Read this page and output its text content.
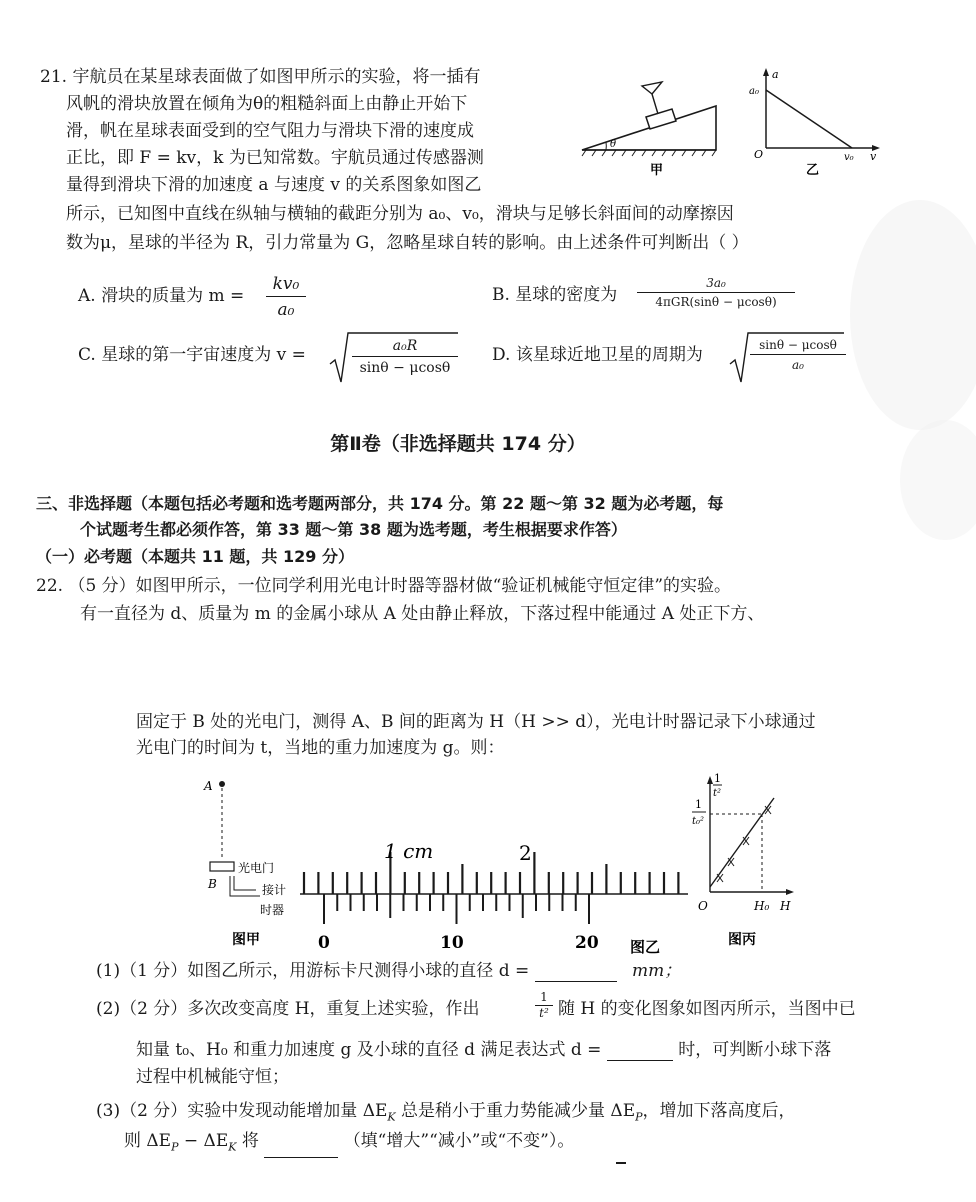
21. 宇航员在某星球表面做了如图甲所示的实验，将一插有
风帆的滑块放置在倾角为θ的粗糙斜面上由静止开始下
滑，帆在星球表面受到的空气阻力与滑块下滑的速度成
正比，即 F = kv，k 为已知常数。宇航员通过传感器测
量得到滑块下滑的加速度 a 与速度 v 的关系图象如图乙
所示，已知图中直线在纵轴与横轴的截距分别为 a₀、v₀，滑块与足够长斜面间的动摩擦因
数为μ，星球的半径为 R，引力常量为 G，忽略星球自转的影响。由上述条件可判断出（ ）
θ
甲
a
a₀
O	v₀ v
乙
A. 滑块的质量为 $m = \frac{\text{kv₀}}{\text{a₀}}$	B. 星球的密度为
3a₀
4πGR(sinθ − μcosθ)
C. 星球的第一宇宙速度为 v =	$\frac{\text{a₀R}}{\sin\theta - \mu\cos\theta} D$. 该星球近地卫星的周期为	$\frac{\sin\theta - \mu\cos\theta}{\text{a₀}}$
第Ⅱ卷（非选择题共 174 分）
三、非选择题（本题包括必考题和选考题两部分，共 174 分。第 22 题～第 32 题为必考题，每
个试题考生都必须作答，第 33 题～第 38 题为选考题，考生根据要求作答）
（一）必考题（本题共 11 题，共 129 分）
22. （5 分）如图甲所示，一位同学利用光电计时器等器材做“验证机械能守恒定律”的实验。
有一直径为 d、质量为 m 的金属小球从 A 处由静止释放，下落过程中能通过 A 处正下方、
固定于 B 处的光电门，测得 A、B 间的距离为 H（H >> d），光电计时器记录下小球通过
光电门的时间为 t，当地的重力加速度为 g。则：
A
B
光电门
接计
时器
图甲
1 cm	2
0	10	20 图乙
1
t²
1
t₀²
O	H₀ H
图丙
(1)（1 分）如图乙所示，用游标卡尺测得小球的直径 d =	mm；
(2)（2 分）多次改变高度 H，重复上述实验，作出	$\frac{1}{\text{t²}}$ 随 H 的变化图象如图丙所示，当图中已
知量 t₀、H₀ 和重力加速度 g 及小球的直径 d 满足表达式 d =	时，可判断小球下落
过程中机械能守恒；
(3)（2 分）实验中发现动能增加量 $\Delta E_K$ 总是稍小于重力势能减少量 $\Delta E_P$，增加下落高度后，
则 $\Delta E_P - \Delta E_K$ 将	（填“增大”“减小”或“不变”）。
